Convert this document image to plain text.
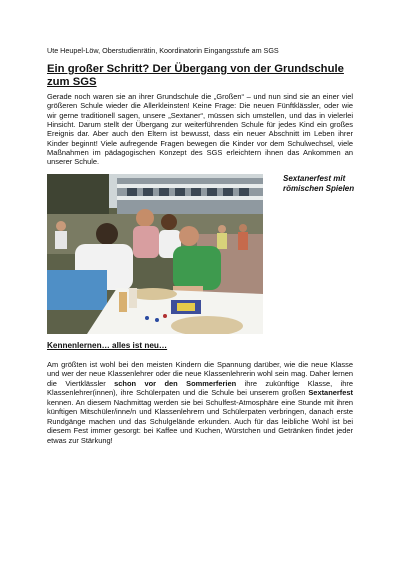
Ute Heupel-Löw, Oberstudienrätin, Koordinatorin Eingangsstufe am SGS

Ein großer Schritt? Der Übergang von der Grundschule zum SGS

Gerade noch waren sie an ihrer Grundschule die „Großen“ – und nun sind sie an einer viel größeren Schule wieder die Allerkleinsten! Keine Frage: Die neuen Fünftklässler, oder wie wir gerne traditionell sagen, unsere „Sextaner“, müssen sich umstellen, und das in vielerlei Hinsicht. Darum stellt der Übergang zur weiterführenden Schule für jedes Kind ein großes Ereignis dar. Aber auch den Eltern ist bewusst, dass ein neuer Abschnitt im Leben ihrer Kinder beginnt! Viele aufregende Fragen bewegen die Kinder vor dem Schulwechsel, viele Maßnahmen im pädagogischen Konzept des SGS erleichtern ihnen das Ankommen an unserer Schule.

Sextanerfest mit römischen Spielen

Kennenlernen… alles ist neu…

Am größten ist wohl bei den meisten Kindern die Spannung darüber, wie die neue Klasse und wer der neue Klassenlehrer oder die neue Klassenlehrerin wohl sein mag. Daher lernen die Viertklässler schon vor den Sommerferien ihre zukünftige Klasse, ihre Klassenlehrer(innen), ihre Schülerpaten und die Schule bei unserem großen Sextanerfest kennen. An diesem Nachmittag werden sie bei Schulfest-Atmosphäre eine Stunde mit ihren künftigen Mitschüler/inne/n und Klassenlehrern und Schülerpaten verbringen, danach erste Rundgänge machen und das Schulgelände erkunden. Auch für das leibliche Wohl ist bei diesem Fest immer gesorgt: bei Kaffee und Kuchen, Würstchen und Getränken findet jeder etwas zur Stärkung!
